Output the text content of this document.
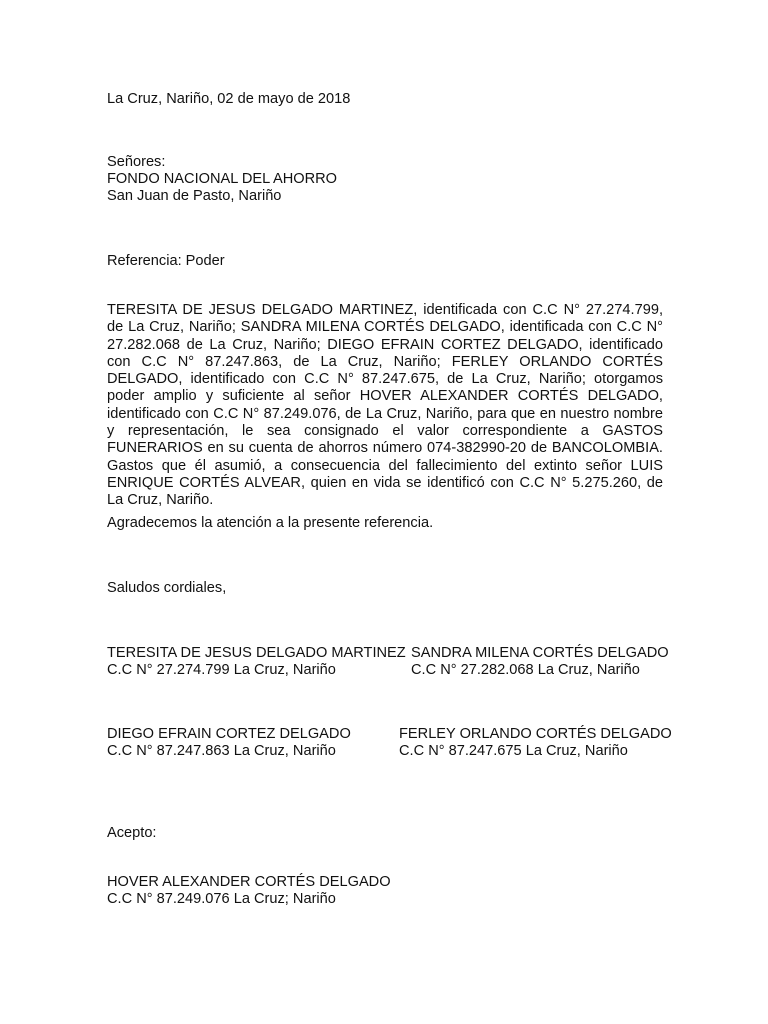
La Cruz, Nariño, 02 de mayo de 2018
Señores:
FONDO NACIONAL DEL AHORRO
San Juan de Pasto, Nariño
Referencia: Poder
TERESITA DE JESUS DELGADO MARTINEZ, identificada con C.C N° 27.274.799, de La Cruz, Nariño; SANDRA MILENA CORTÉS DELGADO, identificada con C.C N° 27.282.068 de La Cruz, Nariño; DIEGO EFRAIN CORTEZ DELGADO, identificado con C.C N° 87.247.863, de La Cruz, Nariño; FERLEY ORLANDO CORTÉS DELGADO, identificado con C.C N° 87.247.675, de La Cruz, Nariño; otorgamos poder amplio y suficiente al señor HOVER ALEXANDER CORTÉS DELGADO, identificado con C.C N° 87.249.076, de La Cruz, Nariño, para que en nuestro nombre y representación, le sea consignado el valor correspondiente a GASTOS FUNERARIOS en su cuenta de ahorros número 074-382990-20 de BANCOLOMBIA. Gastos que él asumió, a consecuencia del fallecimiento del extinto señor LUIS ENRIQUE CORTÉS ALVEAR, quien en vida se identificó con C.C N° 5.275.260, de La Cruz, Nariño.
Agradecemos la atención a la presente referencia.
Saludos cordiales,
TERESITA DE JESUS DELGADO MARTINEZ
C.C N° 27.274.799 La Cruz, Nariño
SANDRA MILENA CORTÉS DELGADO
C.C N° 27.282.068 La Cruz, Nariño
DIEGO EFRAIN CORTEZ DELGADO
C.C N° 87.247.863 La Cruz, Nariño
FERLEY ORLANDO CORTÉS DELGADO
C.C N° 87.247.675 La Cruz, Nariño
Acepto:
HOVER ALEXANDER CORTÉS DELGADO
C.C N° 87.249.076 La Cruz; Nariño
